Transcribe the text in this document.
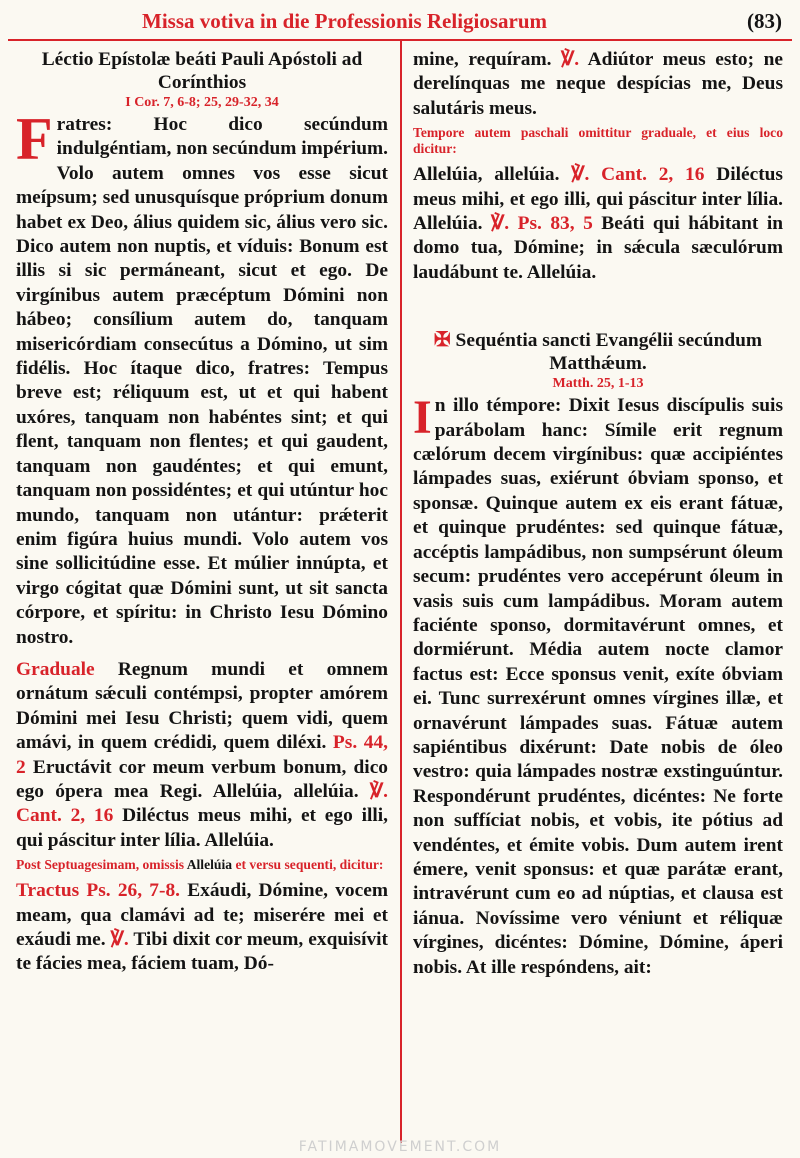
Missa votiva in die Professionis Religiosarum	(83)
Léctio Epístolæ beáti Pauli Apóstoli ad Corínthios
I Cor. 7, 6-8; 25, 29-32, 34

Fratres: Hoc dico secúndum indulgéntiam, non secúndum impérium. Volo autem omnes vos esse sicut meípsum; sed unusquísque próprium donum habet ex Deo, álius quidem sic, álius vero sic. Dico autem non nuptis, et víduis: Bonum est illis si sic permáneant, sicut et ego. De virgínibus autem præcéptum Dómini non hábeo; consílium autem do, tanquam misericórdiam consecútus a Dómino, ut sim fidélis. Hoc ítaque dico, fratres: Tempus breve est; réliquum est, ut et qui habent uxóres, tanquam non habéntes sint; et qui flent, tanquam non flentes; et qui gaudent, tanquam non gaudéntes; et qui emunt, tanquam non possidéntes; et qui utúntur hoc mundo, tanquam non utántur: prǽterit enim figúra huius mundi. Volo autem vos sine sollicitúdine esse. Et múlier innúpta, et virgo cógitat quæ Dómini sunt, ut sit sancta córpore, et spíritu: in Christo Iesu Dómino nostro.

Graduale Regnum mundi et omnem ornátum sǽculi contémpsi, propter amórem Dómini mei Iesu Christi; quem vidi, quem amávi, in quem crédidi, quem diléxi. Ps. 44, 2 Eructávit cor meum verbum bonum, dico ego ópera mea Regi. Allelúia, allelúia. ℣. Cant. 2, 16 Diléctus meus mihi, et ego illi, qui páscitur inter lília. Allelúia.

Post Septuagesimam, omissis Allelúia et versu sequenti, dicitur:

Tractus Ps. 26, 7-8. Exáudi, Dómine, vocem meam, qua clamávi ad te; miserére mei et exáudi me. ℣. Tibi dixit cor meum, exquisívit te fácies mea, fáciem tuam, Dó-

mine, requíram. ℣. Adiútor meus esto; ne derelínquas me neque despícias me, Deus salutáris meus.

Tempore autem paschali omittitur graduale, et eius loco dicitur:

Allelúia, allelúia. ℣. Cant. 2, 16 Diléctus meus mihi, et ego illi, qui páscitur inter lília. Allelúia. ℣. Ps. 83, 5 Beáti qui hábitant in domo tua, Dómine; in sǽcula sæculórum laudábunt te. Allelúia.

✠ Sequéntia sancti Evangélii secúndum Matthǽum.
Matth. 25, 1-13

In illo témpore: Dixit Iesus discípulis suis parábolam hanc: Símile erit regnum cælórum decem virgínibus: quæ accipiéntes lámpades suas, exiérunt óbviam sponso, et sponsæ. Quinque autem ex eis erant fátuæ, et quinque prudéntes: sed quinque fátuæ, accéptis lampádibus, non sumpsérunt óleum secum: prudéntes vero accepérunt óleum in vasis suis cum lampádibus. Moram autem faciénte sponso, dormitavérunt omnes, et dormiérunt. Média autem nocte clamor factus est: Ecce sponsus venit, exíte óbviam ei. Tunc surrexérunt omnes vírgines illæ, et ornavérunt lámpades suas. Fátuæ autem sapiéntibus dixérunt: Date nobis de óleo vestro: quia lámpades nostræ exstinguúntur. Respondérunt prudéntes, dicéntes: Ne forte non suffíciat nobis, et vobis, ite pótius ad vendéntes, et émite vobis. Dum autem irent émere, venit sponsus: et quæ parátæ erant, intravérunt cum eo ad núptias, et clausa est iánua. Novíssime vero véniunt et réliquæ vírgines, dicéntes: Dómine, Dómine, áperi nobis. At ille respóndens, ait:

FATIMAMOVEMENT.COM
